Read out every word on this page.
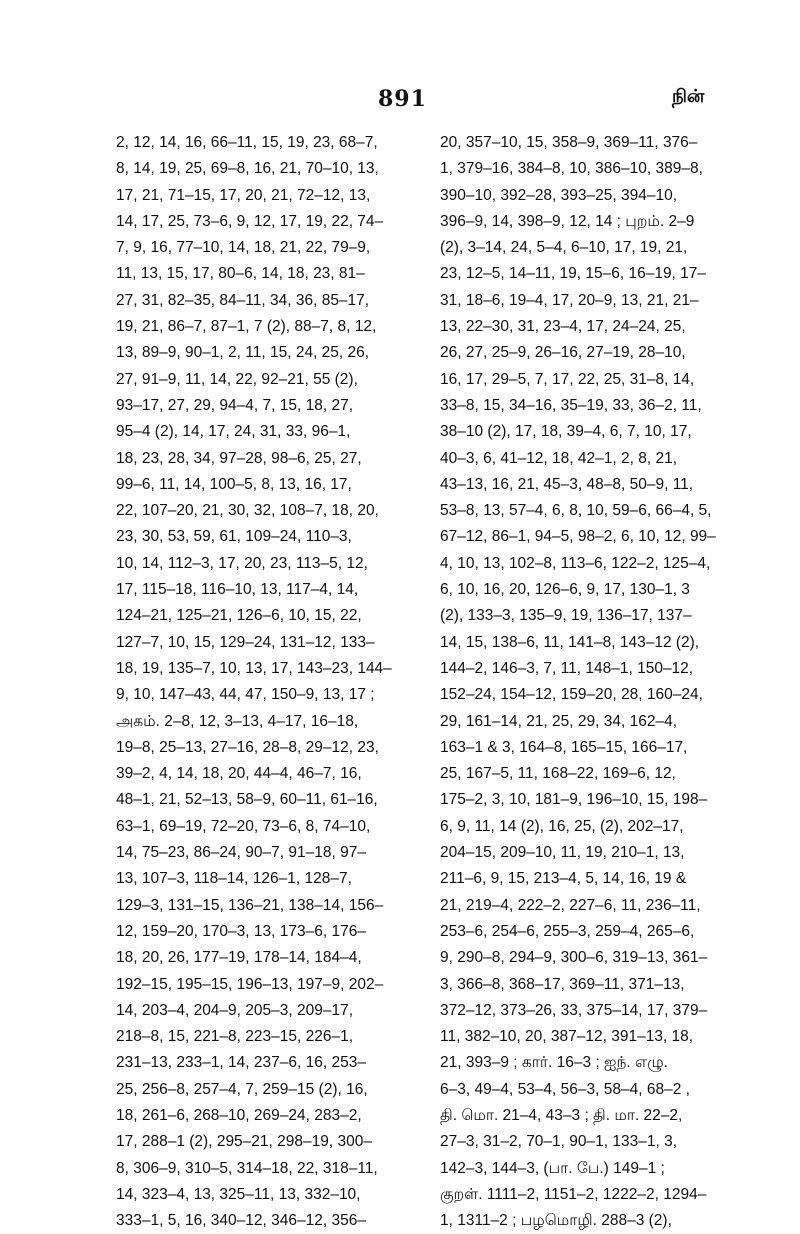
891	நின்
2, 12, 14, 16, 66–11, 15, 19, 23, 68–7,
8, 14, 19, 25, 69–8, 16, 21, 70–10, 13,
17, 21, 71–15, 17, 20, 21, 72–12, 13,
14, 17, 25, 73–6, 9, 12, 17, 19, 22, 74–
7, 9, 16, 77–10, 14, 18, 21, 22, 79–9,
11, 13, 15, 17, 80–6, 14, 18, 23, 81–
27, 31, 82–35, 84–11, 34, 36, 85–17,
19, 21, 86–7, 87–1, 7 (2), 88–7, 8, 12,
13, 89–9, 90–1, 2, 11, 15, 24, 25, 26,
27, 91–9, 11, 14, 22, 92–21, 55 (2),
93–17, 27, 29, 94–4, 7, 15, 18, 27,
95–4 (2), 14, 17, 24, 31, 33, 96–1,
18, 23, 28, 34, 97–28, 98–6, 25, 27,
99–6, 11, 14, 100–5, 8, 13, 16, 17,
22, 107–20, 21, 30, 32, 108–7, 18, 20,
23, 30, 53, 59, 61, 109–24, 110–3,
10, 14, 112–3, 17, 20, 23, 113–5, 12,
17, 115–18, 116–10, 13, 117–4, 14,
124–21, 125–21, 126–6, 10, 15, 22,
127–7, 10, 15, 129–24, 131–12, 133–
18, 19, 135–7, 10, 13, 17, 143–23, 144–
9, 10, 147–43, 44, 47, 150–9, 13, 17 ;
அகம். 2–8, 12, 3–13, 4–17, 16–18,
19–8, 25–13, 27–16, 28–8, 29–12, 23,
39–2, 4, 14, 18, 20, 44–4, 46–7, 16,
48–1, 21, 52–13, 58–9, 60–11, 61–16,
63–1, 69–19, 72–20, 73–6, 8, 74–10,
14, 75–23, 86–24, 90–7, 91–18, 97–
13, 107–3, 118–14, 126–1, 128–7,
129–3, 131–15, 136–21, 138–14, 156–
12, 159–20, 170–3, 13, 173–6, 176–
18, 20, 26, 177–19, 178–14, 184–4,
192–15, 195–15, 196–13, 197–9, 202–
14, 203–4, 204–9, 205–3, 209–17,
218–8, 15, 221–8, 223–15, 226–1,
231–13, 233–1, 14, 237–6, 16, 253–
25, 256–8, 257–4, 7, 259–15 (2), 16,
18, 261–6, 268–10, 269–24, 283–2,
17, 288–1 (2), 295–21, 298–19, 300–
8, 306–9, 310–5, 314–18, 22, 318–11,
14, 323–4, 13, 325–11, 13, 332–10,
333–1, 5, 16, 340–12, 346–12, 356–
20, 357–10, 15, 358–9, 369–11, 376–
1, 379–16, 384–8, 10, 386–10, 389–8,
390–10, 392–28, 393–25, 394–10,
396–9, 14, 398–9, 12, 14 ; புறம். 2–9
(2), 3–14, 24, 5–4, 6–10, 17, 19, 21,
23, 12–5, 14–11, 19, 15–6, 16–19, 17–
31, 18–6, 19–4, 17, 20–9, 13, 21, 21–
13, 22–30, 31, 23–4, 17, 24–24, 25,
26, 27, 25–9, 26–16, 27–19, 28–10,
16, 17, 29–5, 7, 17, 22, 25, 31–8, 14,
33–8, 15, 34–16, 35–19, 33, 36–2, 11,
38–10 (2), 17, 18, 39–4, 6, 7, 10, 17,
40–3, 6, 41–12, 18, 42–1, 2, 8, 21,
43–13, 16, 21, 45–3, 48–8, 50–9, 11,
53–8, 13, 57–4, 6, 8, 10, 59–6, 66–4, 5,
67–12, 86–1, 94–5, 98–2, 6, 10, 12, 99–
4, 10, 13, 102–8, 113–6, 122–2, 125–4,
6, 10, 16, 20, 126–6, 9, 17, 130–1, 3
(2), 133–3, 135–9, 19, 136–17, 137–
14, 15, 138–6, 11, 141–8, 143–12 (2),
144–2, 146–3, 7, 11, 148–1, 150–12,
152–24, 154–12, 159–20, 28, 160–24,
29, 161–14, 21, 25, 29, 34, 162–4,
163–1 & 3, 164–8, 165–15, 166–17,
25, 167–5, 11, 168–22, 169–6, 12,
175–2, 3, 10, 181–9, 196–10, 15, 198–
6, 9, 11, 14 (2), 16, 25, (2), 202–17,
204–15, 209–10, 11, 19, 210–1, 13,
211–6, 9, 15, 213–4, 5, 14, 16, 19 &
21, 219–4, 222–2, 227–6, 11, 236–11,
253–6, 254–6, 255–3, 259–4, 265–6,
9, 290–8, 294–9, 300–6, 319–13, 361–
3, 366–8, 368–17, 369–11, 371–13,
372–12, 373–26, 33, 375–14, 17, 379–
11, 382–10, 20, 387–12, 391–13, 18,
21, 393–9 ; கார். 16–3 ; ஐந். எழு.
6–3, 49–4, 53–4, 56–3, 58–4, 68–2 ,
தி. மொ. 21–4, 43–3 ; தி. மா. 22–2,
27–3, 31–2, 70–1, 90–1, 133–1, 3,
142–3, 144–3, (பா. பே.) 149–1 ;
குறள். 1111–2, 1151–2, 1222–2, 1294–
1, 1311–2 ; பழமொழி. 288–3 (2),
